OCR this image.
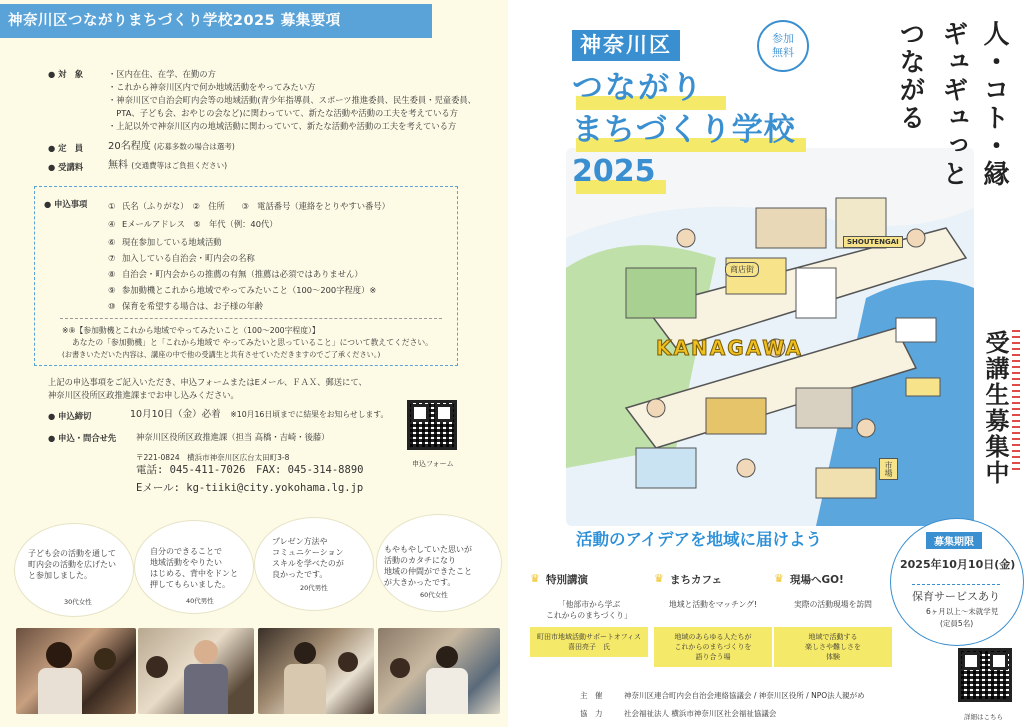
神奈川区つながりまちづくり学校2025 募集要項
● 対　象	・区内在住、在学、在勤の方
・これから神奈川区内で何か地域活動をやってみたい方
・神奈川区で自治会町内会等の地域活動(青少年指導員、スポーツ推進委員、民生委員・児童委員、
　PTA、子ども会、おやじの会など)に関わっていて、新たな活動や活動の工夫を考えている方
・上記以外で神奈川区内の地域活動に関わっていて、新たな活動や活動の工夫を考えている方
● 定　員 20名程度 (応募多数の場合は選考)
● 受講料 無料 (交通費等はご負担ください)
● 申込事項 ① 氏名（ふりがな）　②　住所　　③　電話番号（連絡をとりやすい番号）
④ Eメールアドレス　⑤　年代（例：40代）
⑥ 現在参加している地域活動
⑦ 加入している自治会・町内会の名称
⑧ 自治会・町内会からの推薦の有無（推薦は必須ではありません）
⑨ 参加動機とこれから地域でやってみたいこと（100～200字程度）※
⑩ 保育を希望する場合は、お子様の年齢
※⑨【参加動機とこれから地域でやってみたいこと（100～200字程度）】
あなたの「参加動機」と「これから地域で やってみたいと思っていること」について教えてください。
(お書きいただいた内容は、講座の中で他の受講生と共有させていただきますのでご了承ください。)
上記の申込事項をご記入いただき、申込フォームまたはEメール、ＦＡＸ、郵送にて、
神奈川区役所区政推進課までお申し込みください。
● 申込締切	10月10日（金）必着　 ※10月16日頃までに結果をお知らせします。
● 申込・問合せ先 神奈川区役所区政推進課（担当 高橋・吉崎・後藤）
〒221-0824　横浜市神奈川区広台太田町3-8
電話: 045-411-7026　FAX: 045-314-8890
Eメール: kg-tiiki@city.yokohama.lg.jp
申込フォーム
子ども会の活動を通して
町内会の活動を広げたい
と参加しました。
30代女性
自分のできることで
地域活動をやりたい
はじめる、背中をドンと
押してもらいました。
40代男性
プレゼン方法や
コミュニケーション
スキルを学べたのが
良かったです。
20代男性
もやもやしていた思いが
活動のカタチになり
地域の仲間ができたこと
が大きかったです。
60代女性
KANAGAWA
SHOUTENGAI
商店街
市場
神奈川区
つながり
まちづくり学校
2025
参加
無料	人・コト・縁
ギュギュっと
つながる
受講生募集中
活動のアイデアを地域に届けよう
♛ 特別講演
「他部市から学ぶ
これからのまちづくり」
町田市地域活動サポートオフィス
喜田亮子　氏
♛ まちカフェ
地域と活動をマッチング!
地域のあらゆる人たちが
これからのまちづくりを
語り合う場
♛ 現場へGO!
実際の活動現場を訪問
地域で活動する
楽しさや難しさを
体験
募集期限
2025年10月10日(金)
保育サービスあり
6ヶ月以上～未就学児
(定員5名)
主　催	神奈川区連合町内会自治会連絡協議会 / 神奈川区役所 / NPO法人親がめ
協　力	社会福祉法人 横浜市神奈川区社会福祉協議会	詳細はこちら
